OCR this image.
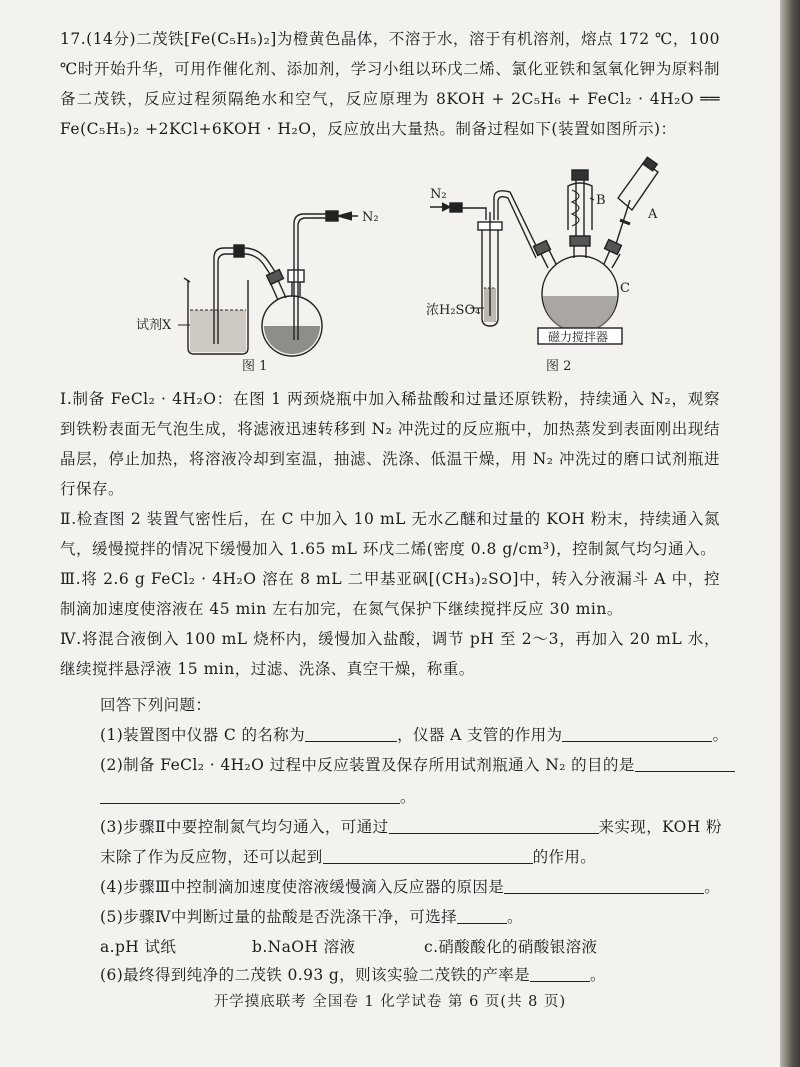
17.(14分)二茂铁[Fe(C₅H₅)₂]为橙黄色晶体，不溶于水，溶于有机溶剂，熔点 172 ℃，100 ℃时开始升华，可用作催化剂、添加剂，学习小组以环戊二烯、氯化亚铁和氢氧化钾为原料制备二茂铁，反应过程须隔绝水和空气，反应原理为 8KOH + 2C₅H₆ + FeCl₂ · 4H₂O ══ Fe(C₅H₅)₂ +2KCl+6KOH · H₂O，反应放出大量热。制备过程如下(装置如图所示)：

N₂
试剂X
图 1
N₂
浓H₂SO₄
B
A
C
磁力搅拌器
图 2

Ⅰ.制备 FeCl₂ · 4H₂O：在图 1 两颈烧瓶中加入稀盐酸和过量还原铁粉，持续通入 N₂，观察到铁粉表面无气泡生成，将滤液迅速转移到 N₂ 冲洗过的反应瓶中，加热蒸发到表面刚出现结晶层，停止加热，将溶液冷却到室温，抽滤、洗涤、低温干燥，用 N₂ 冲洗过的磨口试剂瓶进行保存。

Ⅱ.检查图 2 装置气密性后，在 C 中加入 10 mL 无水乙醚和过量的 KOH 粉末，持续通入氮气，缓慢搅拌的情况下缓慢加入 1.65 mL 环戊二烯(密度 0.8 g/cm³)，控制氮气均匀通入。

Ⅲ.将 2.6 g FeCl₂ · 4H₂O 溶在 8 mL 二甲基亚砜[(CH₃)₂SO]中，转入分液漏斗 A 中，控制滴加速度使溶液在 45 min 左右加完，在氮气保护下继续搅拌反应 30 min。

Ⅳ.将混合液倒入 100 mL 烧杯内，缓慢加入盐酸，调节 pH 至 2～3，再加入 20 mL 水，继续搅拌悬浮液 15 min，过滤、洗涤、真空干燥，称重。

回答下列问题：
(1)装置图中仪器 C 的名称为	，仪器 A 支管的作用为	。
(2)制备 FeCl₂ · 4H₂O 过程中反应装置及保存所用试剂瓶通入 N₂ 的目的是
。
(3)步骤Ⅱ中要控制氮气均匀通入，可通过	来实现，KOH 粉
末除了作为反应物，还可以起到	的作用。
(4)步骤Ⅲ中控制滴加速度使溶液缓慢滴入反应器的原因是	。
(5)步骤Ⅳ中判断过量的盐酸是否洗涤干净，可选择	。
a.pH 试纸	b.NaOH 溶液	c.硝酸酸化的硝酸银溶液
(6)最终得到纯净的二茂铁 0.93 g，则该实验二茂铁的产率是	。
开学摸底联考 全国卷 1 化学试卷 第 6 页(共 8 页)
